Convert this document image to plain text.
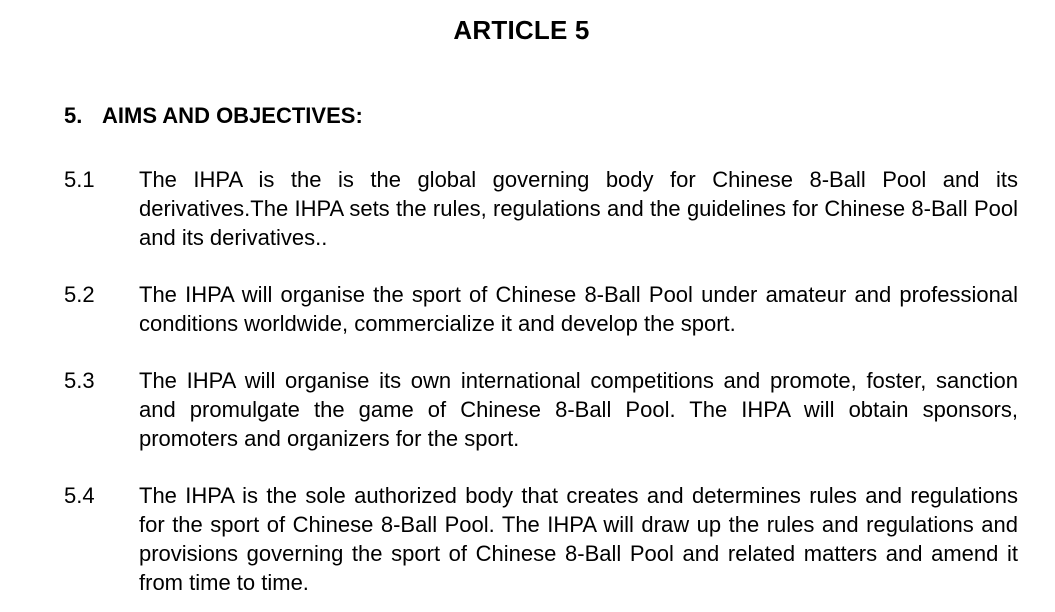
ARTICLE 5
5. AIMS AND OBJECTIVES:
5.1	The IHPA is the is the global governing body for Chinese 8-Ball Pool and its derivatives.The IHPA sets the rules, regulations and the guidelines for Chinese 8-Ball Pool and its derivatives..
5.2	The IHPA will organise the sport of Chinese 8-Ball Pool under amateur and professional conditions worldwide, commercialize it and develop the sport.
5.3	The IHPA will organise its own international competitions and promote, foster, sanction and promulgate the game of Chinese 8-Ball Pool. The IHPA will obtain sponsors, promoters and organizers for the sport.
5.4	The IHPA is the sole authorized body that creates and determines rules and regulations for the sport of Chinese 8-Ball Pool. The IHPA will draw up the rules and regulations and provisions governing the sport of Chinese 8-Ball Pool and related matters and amend it from time to time.
